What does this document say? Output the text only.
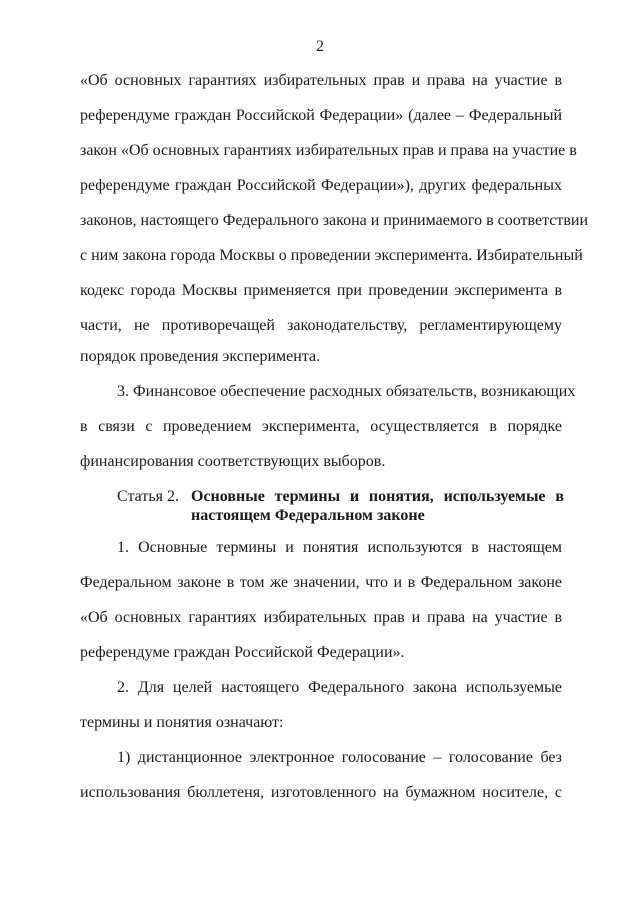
2
«Об основных гарантиях избирательных прав и права на участие в
референдуме граждан Российской Федерации» (далее – Федеральный
закон «Об основных гарантиях избирательных прав и права на участие в
референдуме граждан Российской Федерации»), других федеральных
законов, настоящего Федерального закона и принимаемого в соответствии
с ним закона города Москвы о проведении эксперимента. Избирательный
кодекс города Москвы применяется при проведении эксперимента в
части, не противоречащей законодательству, регламентирующему
порядок проведения эксперимента.
3. Финансовое обеспечение расходных обязательств, возникающих
в связи с проведением эксперимента, осуществляется в порядке
финансирования соответствующих выборов.
Статья 2. Основные термины и понятия, используемые в
настоящем Федеральном законе
1. Основные термины и понятия используются в настоящем
Федеральном законе в том же значении, что и в Федеральном законе
«Об основных гарантиях избирательных прав и права на участие в
референдуме граждан Российской Федерации».
2. Для целей настоящего Федерального закона используемые
термины и понятия означают:
1) дистанционное электронное голосование – голосование без
использования бюллетеня, изготовленного на бумажном носителе, с
